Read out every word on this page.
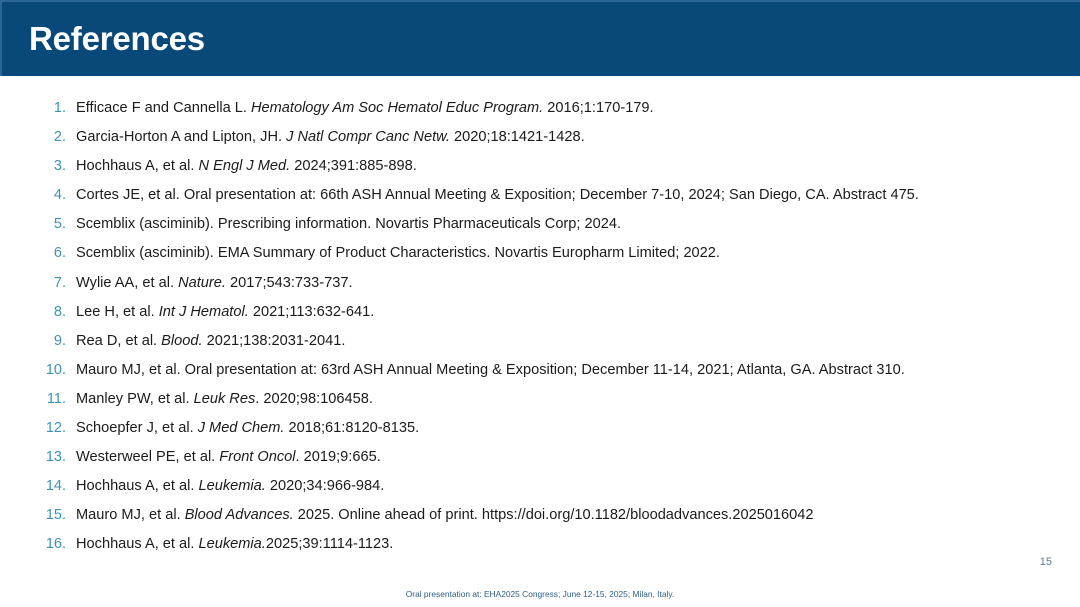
References
1. Efficace F and Cannella L. Hematology Am Soc Hematol Educ Program. 2016;1:170-179.
2. Garcia-Horton A and Lipton, JH. J Natl Compr Canc Netw. 2020;18:1421-1428.
3. Hochhaus A, et al. N Engl J Med. 2024;391:885-898.
4. Cortes JE, et al. Oral presentation at: 66th ASH Annual Meeting & Exposition; December 7-10, 2024; San Diego, CA. Abstract 475.
5. Scemblix (asciminib). Prescribing information. Novartis Pharmaceuticals Corp; 2024.
6. Scemblix (asciminib). EMA Summary of Product Characteristics. Novartis Europharm Limited; 2022.
7. Wylie AA, et al. Nature. 2017;543:733-737.
8. Lee H, et al. Int J Hematol. 2021;113:632-641.
9. Rea D, et al. Blood. 2021;138:2031-2041.
10. Mauro MJ, et al. Oral presentation at: 63rd ASH Annual Meeting & Exposition; December 11-14, 2021; Atlanta, GA. Abstract 310.
11. Manley PW, et al. Leuk Res. 2020;98:106458.
12. Schoepfer J, et al. J Med Chem. 2018;61:8120-8135.
13. Westerweel PE, et al. Front Oncol. 2019;9:665.
14. Hochhaus A, et al. Leukemia. 2020;34:966-984.
15. Mauro MJ, et al. Blood Advances. 2025. Online ahead of print. https://doi.org/10.1182/bloodadvances.2025016042
16. Hochhaus A, et al. Leukemia.2025;39:1114-1123.
15
Oral presentation at: EHA2025 Congress; June 12-15, 2025; Milan, Italy.
